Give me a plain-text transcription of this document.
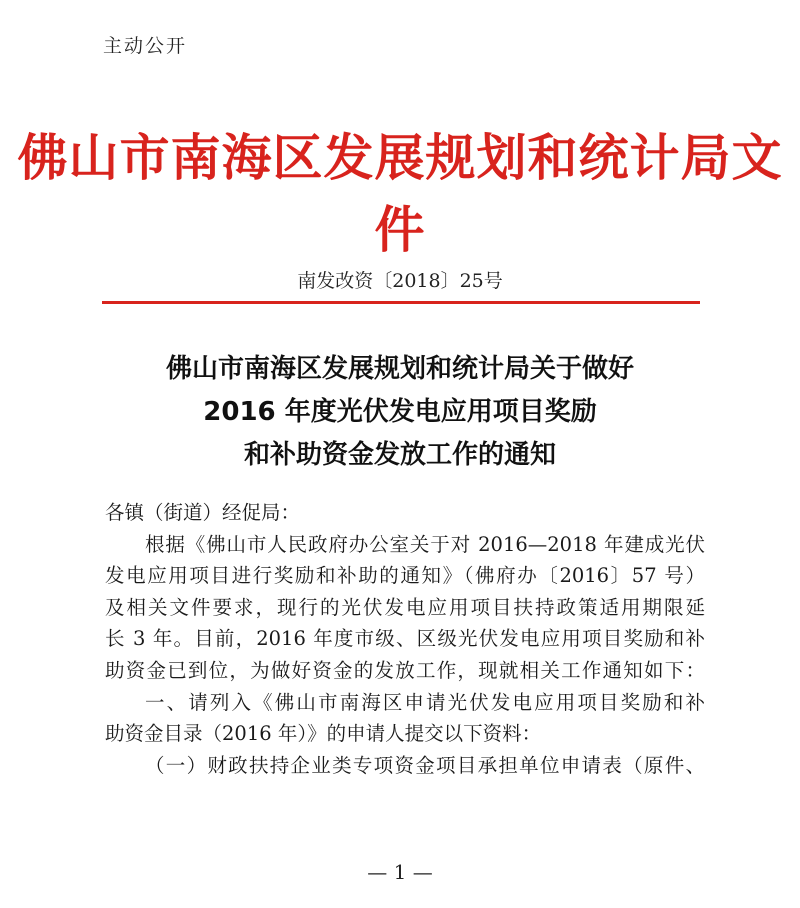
主动公开
佛山市南海区发展规划和统计局文件
南发改资〔2018〕25号
佛山市南海区发展规划和统计局关于做好
2016 年度光伏发电应用项目奖励
和补助资金发放工作的通知
各镇（街道）经促局：
根据《佛山市人民政府办公室关于对 2016—2018 年建成光伏
发电应用项目进行奖励和补助的通知》（佛府办〔2016〕57 号）
及相关文件要求，现行的光伏发电应用项目扶持政策适用期限延
长 3 年。目前，2016 年度市级、区级光伏发电应用项目奖励和补
助资金已到位，为做好资金的发放工作，现就相关工作通知如下：
一、请列入《佛山市南海区申请光伏发电应用项目奖励和补
助资金目录（2016 年）》的申请人提交以下资料：
（一）财政扶持企业类专项资金项目承担单位申请表（原件、
— 1 —
